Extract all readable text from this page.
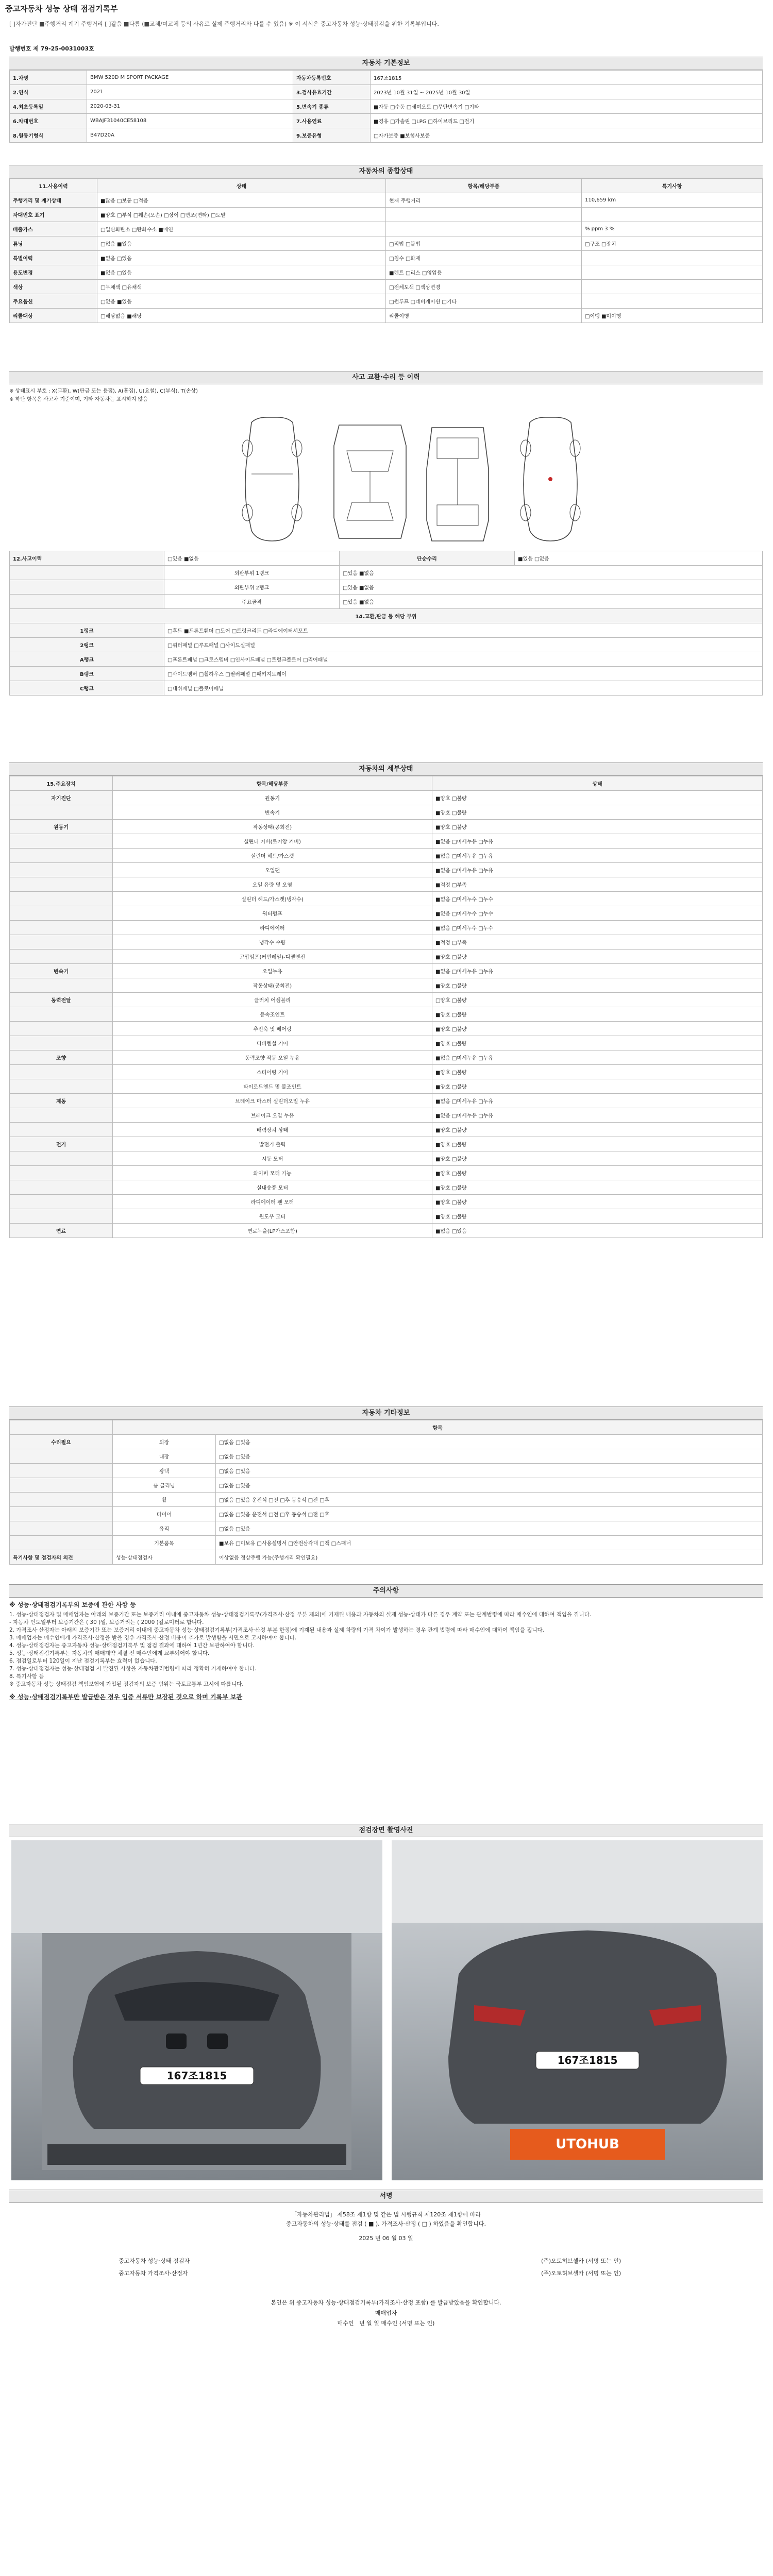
중고자동차 성능 상태 점검기록부
[ ]자가진단 ■주행거리 계기 주행거리 [ ]같음 ■다름 (■교체/미교체 등의 사유로 실제 주행거리와 다를 수 있음) ※ 이 서식은 중고자동차 성능·상태점검을 위한 기록부입니다.
발행번호 제 79-25-0031003호
자동차 기본정보
1.차명	BMW 520D M SPORT PACKAGE	자동차등록번호	167조1815
2.연식	2021	3.검사유효기간	2023년 10월 31일 ~ 2025년 10월 30일
4.최초등록일	2020-03-31	5.변속기 종류	■자동 □수동 □세미오토 □무단변속기 □기타
6.차대번호	WBAJF31040CE58108	7.사용연료	■경유 □가솔린 □LPG □하이브리드 □전기
8.원동기형식	B47D20A	9.보증유형	□자가보증 ■보험사보증
자동차의 종합상태
11.사용이력	상태	항목/해당부품	특기사항
주행거리 및 계기상태	■많음 □보통 □적음	현재 주행거리	110,659 km
차대번호 표기	■양호 □부식 □훼손(오손) □상이 □변조(변타) □도말		
배출가스	□일산화탄소 □탄화수소 ■매연		% ppm 3 %
튜닝	□없음 ■있음	□적법 □불법	□구조 □장치
특별이력	■없음 □있음	□침수 □화재	
용도변경	■없음 □있음	■렌트 □리스 □영업용	
색상	□무채색 □유채색	□전체도색 □색상변경	
주요옵션	□없음 ■있음	□썬루프 □네비게이션 □기타	
리콜대상	□해당없음 ■해당	리콜이행	□이행 ■미이행
사고 교환·수리 등 이력
※ 상태표시 부호 : X(교환), W(판금 또는 용접), A(흠집), U(요철), C(부식), T(손상)
※ 하단 항목은 사고차 기준이며, 기타 자동차는 표시하지 않음
12.사고이력	□있음 ■없음	단순수리	■있음 □없음
	외판부위 1랭크	□있음 ■없음	
	외판부위 2랭크	□있음 ■없음	
	주요골격	□있음 ■없음	
14.교환,판금 등 해당 부위			
1랭크	□후드 ■프론트휀더 □도어 □트렁크리드 □라디에이터서포트		
2랭크	□쿼터패널 □루프패널 □사이드실패널		
A랭크	□프론트패널 □크로스멤버 □인사이드패널 □트렁크플로어 □리어패널		
B랭크	□사이드멤버 □휠하우스 □필러패널 □패키지트레이		
C랭크	□대쉬패널 □플로어패널		
자동차의 세부상태
15.주요장치	항목/해당부품	상태
자기진단	원동기	■양호 □불량
	변속기	■양호 □불량
원동기	작동상태(공회전)	■양호 □불량
	실린더 커버(로커암 커버)	■없음 □미세누유 □누유
	실린더 헤드/가스켓	■없음 □미세누유 □누유
	오일팬	■없음 □미세누유 □누유
	오일 유량 및 오염	■적정 □부족
	실린더 헤드/가스켓(냉각수)	■없음 □미세누수 □누수
	워터펌프	■없음 □미세누수 □누수
	라디에이터	■없음 □미세누수 □누수
	냉각수 수량	■적정 □부족
	고압펌프(커먼레일)-디젤엔진	■양호 □불량
변속기	오일누유	■없음 □미세누유 □누유
	작동상태(공회전)	■양호 □불량
동력전달	클러치 어셈블리	□양호 □불량
	등속조인트	■양호 □불량
	추진축 및 베어링	■양호 □불량
	디퍼렌셜 기어	■양호 □불량
조향	동력조향 작동 오일 누유	■없음 □미세누유 □누유
	스티어링 기어	■양호 □불량
	타이로드엔드 및 볼조인트	■양호 □불량
제동	브레이크 마스터 실린더오일 누유	■없음 □미세누유 □누유
	브레이크 오일 누유	■없음 □미세누유 □누유
	배력장치 상태	■양호 □불량
전기	발전기 출력	■양호 □불량
	시동 모터	■양호 □불량
	와이퍼 모터 기능	■양호 □불량
	실내송풍 모터	■양호 □불량
	라디에이터 팬 모터	■양호 □불량
	윈도우 모터	■양호 □불량
연료	연료누출(LP가스포함)	■없음 □있음
자동차 기타정보
	항목	
수리필요	외장	□없음 □있음
	내장	□없음 □있음
	광택	□없음 □있음
	룸 클리닝	□없음 □있음
	휠	□없음 □있음 운전석 □전 □후 동승석 □전 □후
	타이어	□없음 □있음 운전석 □전 □후 동승석 □전 □후
	유리	□없음 □있음
	기본품목	■보유 □미보유 □사용설명서 □안전삼각대 □잭 □스패너
특기사항 및 점검자의 의견	성능·상태점검자	이상없음 정상주행 가능(주행거리 확인필요)
주의사항
※ 성능·상태점검기록부의 보증에 관한 사항 등
1. 성능·상태점검자 및 매매업자는 아래의 보증기간 또는 보증거리 이내에 중고자동차 성능·상태점검기록부(가격조사·산정 부분 제외)에 기재된 내용과 자동차의 실제 성능·상태가 다른 경우 계약 또는 관계법령에 따라 매수인에 대하여 책임을 집니다.
- 자동차 인도일부터 보증기간은 ( 30 )일, 보증거리는 ( 2000 )킬로미터로 합니다.
2. 가격조사·산정자는 아래의 보증기간 또는 보증거리 이내에 중고자동차 성능·상태점검기록부(가격조사·산정 부분 한정)에 기재된 내용과 실제 차량의 가격 차이가 발생하는 경우 관계 법령에 따라 매수인에 대하여 책임을 집니다.
3. 매매업자는 매수인에게 가격조사·산정을 받을 경우 가격조사·산정 비용이 추가로 발생함을 서면으로 고지하여야 합니다.
4. 성능·상태점검자는 중고자동차 성능·상태점검기록부 및 점검 결과에 대하여 1년간 보관하여야 합니다.
5. 성능·상태점검기록부는 자동차의 매매계약 체결 전 매수인에게 교부되어야 합니다.
6. 점검일로부터 120일이 지난 점검기록부는 효력이 없습니다.
7. 성능·상태점검자는 성능·상태점검 시 발견된 사항을 자동차관리법령에 따라 정확히 기재하여야 합니다.
8. 특기사항 등
※ 중고자동차 성능 상태점검 책임보험에 가입된 점검자의 보증 범위는 국토교통부 고시에 따릅니다.
※ 성능·상태점검기록부만 발급받은 경우 입증 서류만 보장된 것으로 하며 기록부 보관
점검장면 촬영사진
167조1815
167조1815
UTOHUB
서명
「자동차관리법」 제58조 제1항 및 같은 법 시행규칙 제120조 제1항에 따라
중고자동차의 성능·상태를 점검 ( ■ ), 가격조사·산정 ( □ ) 하였음을 확인합니다.
2025 년 06 월 03 일
중고자동차 성능·상태 점검자	(주)오토허브셀카 (서명 또는 인)
중고자동차 가격조사·산정자	(주)오토허브셀카 (서명 또는 인)
본인은 위 중고자동차 성능·상태점검기록부(가격조사·산정 포함) 를 발급받았음을 확인합니다.
매매업자
매수인 년 월 일 매수인 (서명 또는 인)
